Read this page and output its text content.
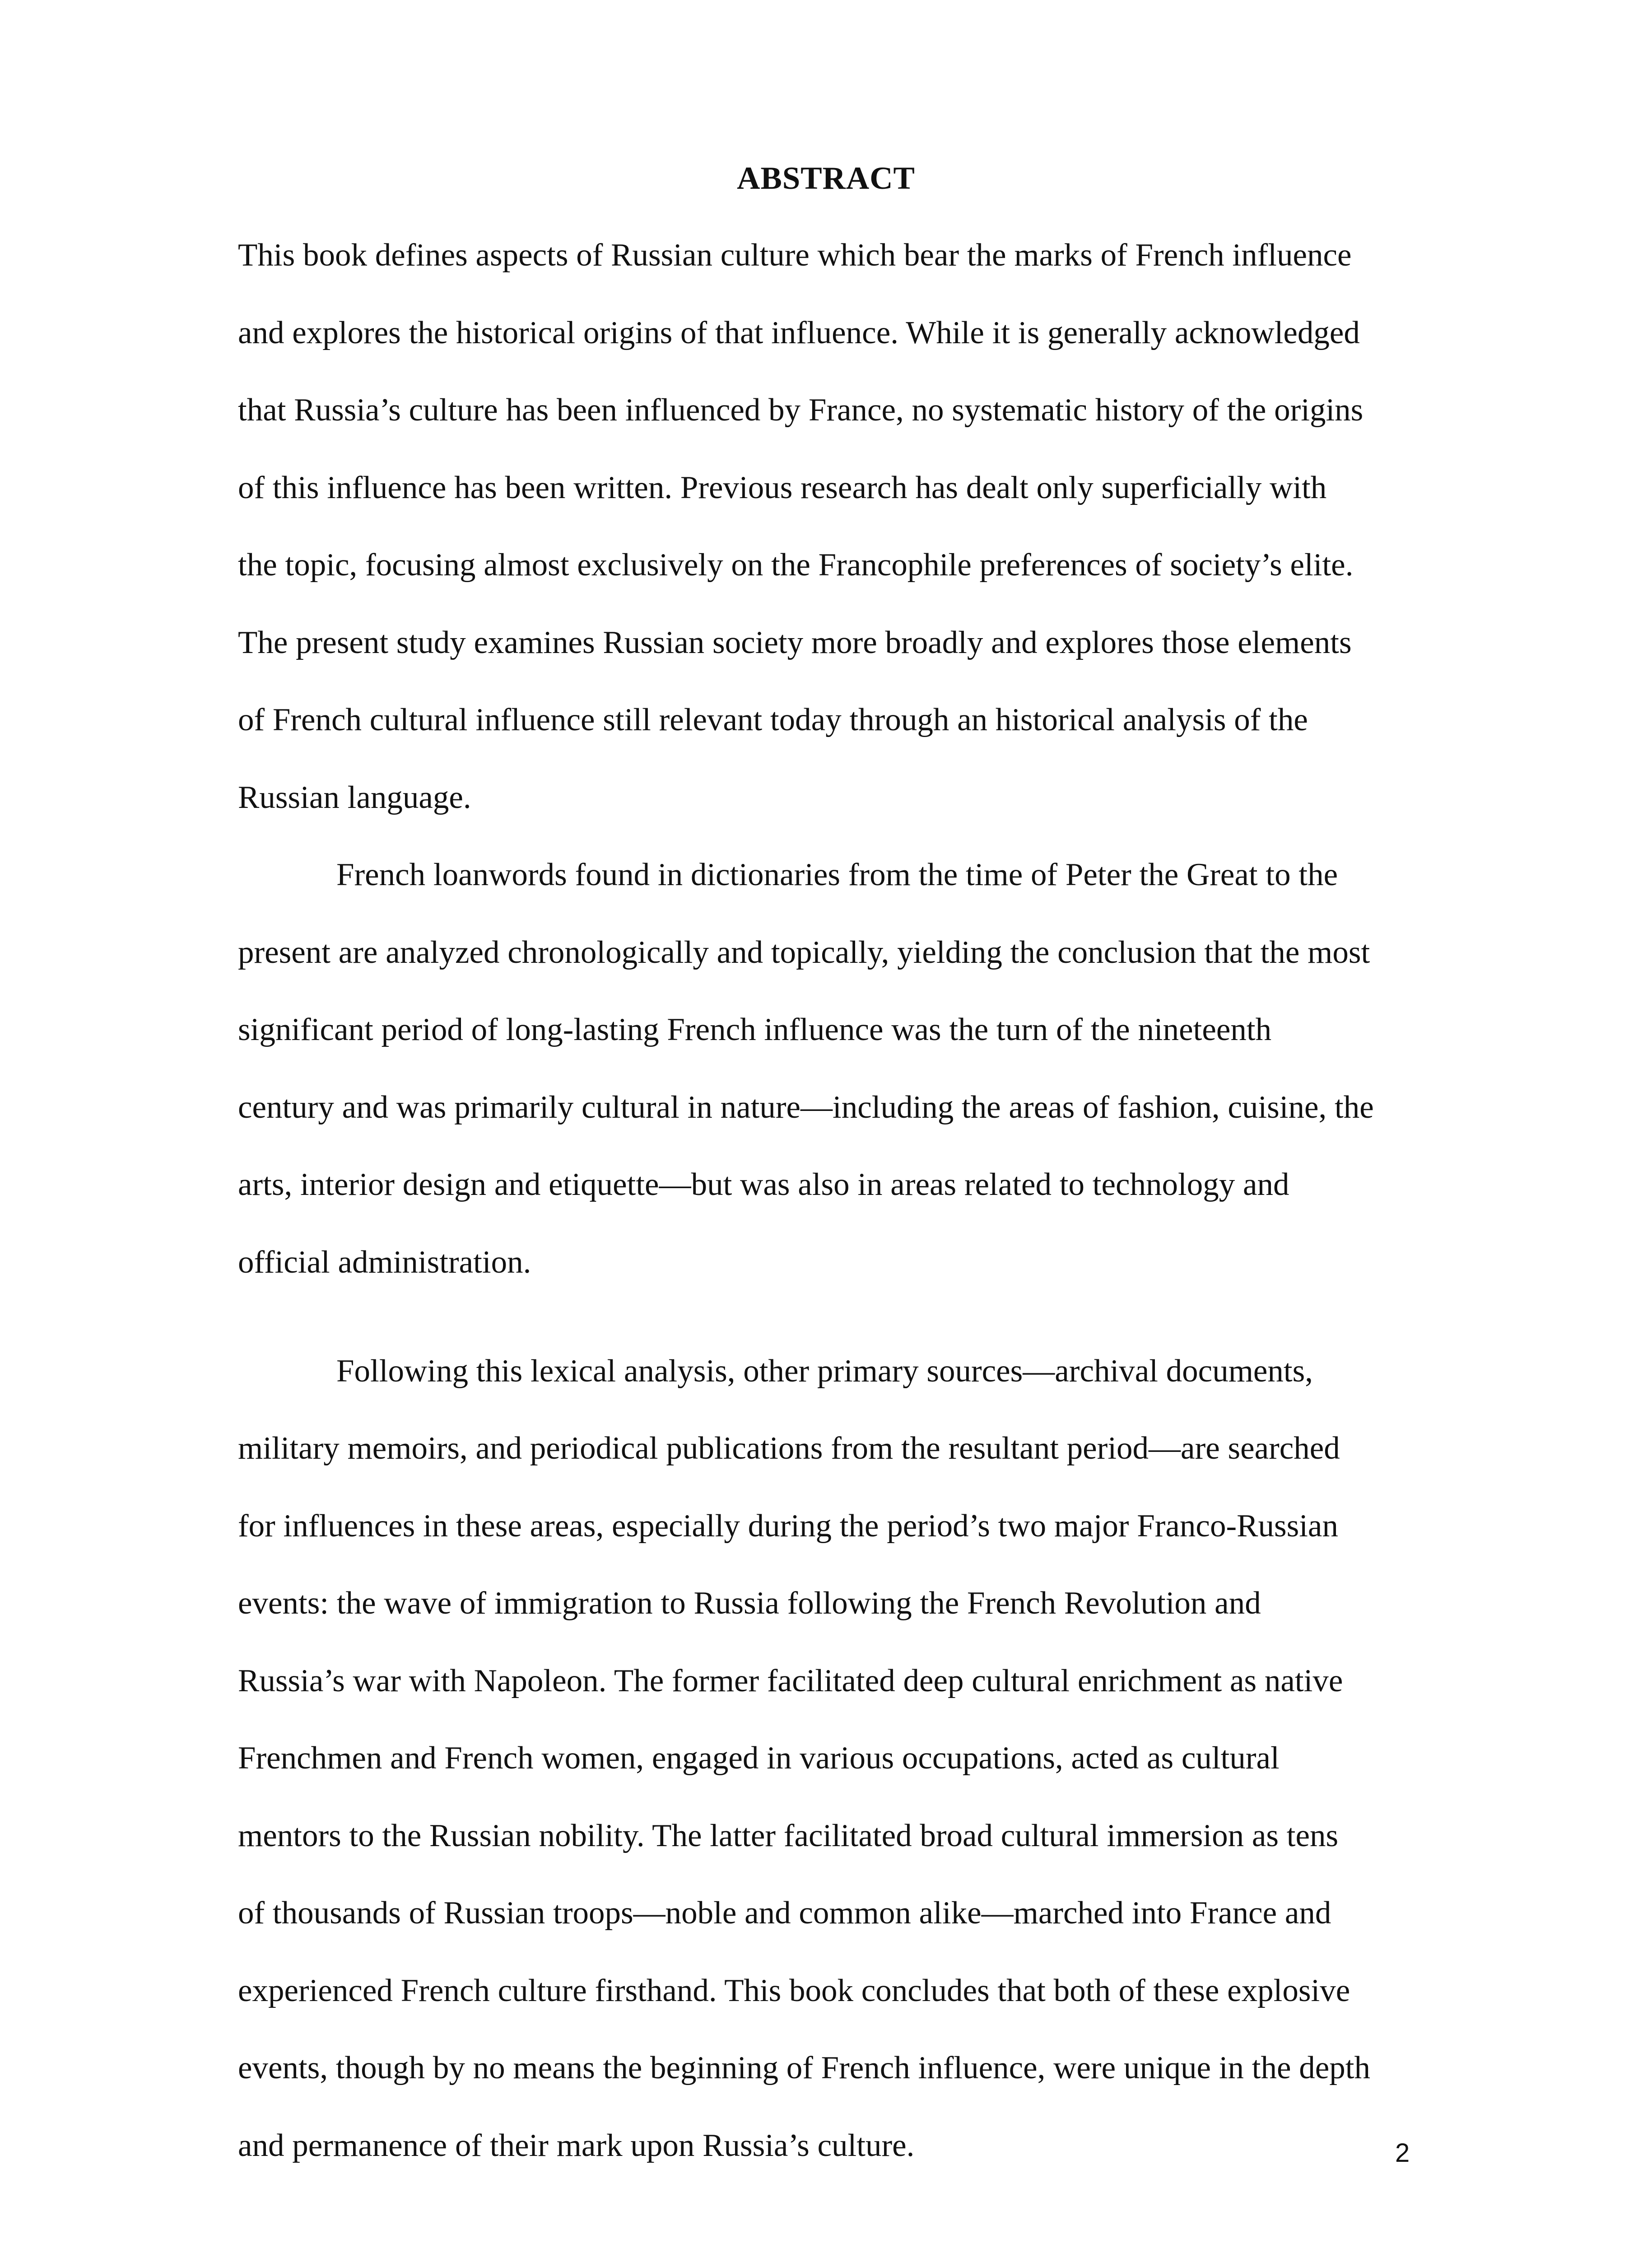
ABSTRACT
This book defines aspects of Russian culture which bear the marks of French influence
and explores the historical origins of that influence. While it is generally acknowledged
that Russia’s culture has been influenced by France, no systematic history of the origins
of this influence has been written. Previous research has dealt only superficially with
the topic, focusing almost exclusively on the Francophile preferences of society’s elite.
The present study examines Russian society more broadly and explores those elements
of French cultural influence still relevant today through an historical analysis of the
Russian language.
French loanwords found in dictionaries from the time of Peter the Great to the
present are analyzed chronologically and topically, yielding the conclusion that the most
significant period of long-lasting French influence was the turn of the nineteenth
century and was primarily cultural in nature—including the areas of fashion, cuisine, the
arts, interior design and etiquette—but was also in areas related to technology and
official administration.
Following this lexical analysis, other primary sources—archival documents,
military memoirs, and periodical publications from the resultant period—are searched
for influences in these areas, especially during the period’s two major Franco-Russian
events: the wave of immigration to Russia following the French Revolution and
Russia’s war with Napoleon. The former facilitated deep cultural enrichment as native
Frenchmen and French women, engaged in various occupations, acted as cultural
mentors to the Russian nobility. The latter facilitated broad cultural immersion as tens
of thousands of Russian troops—noble and common alike—marched into France and
experienced French culture firsthand. This book concludes that both of these explosive
events, though by no means the beginning of French influence, were unique in the depth
and permanence of their mark upon Russia’s culture.	2
